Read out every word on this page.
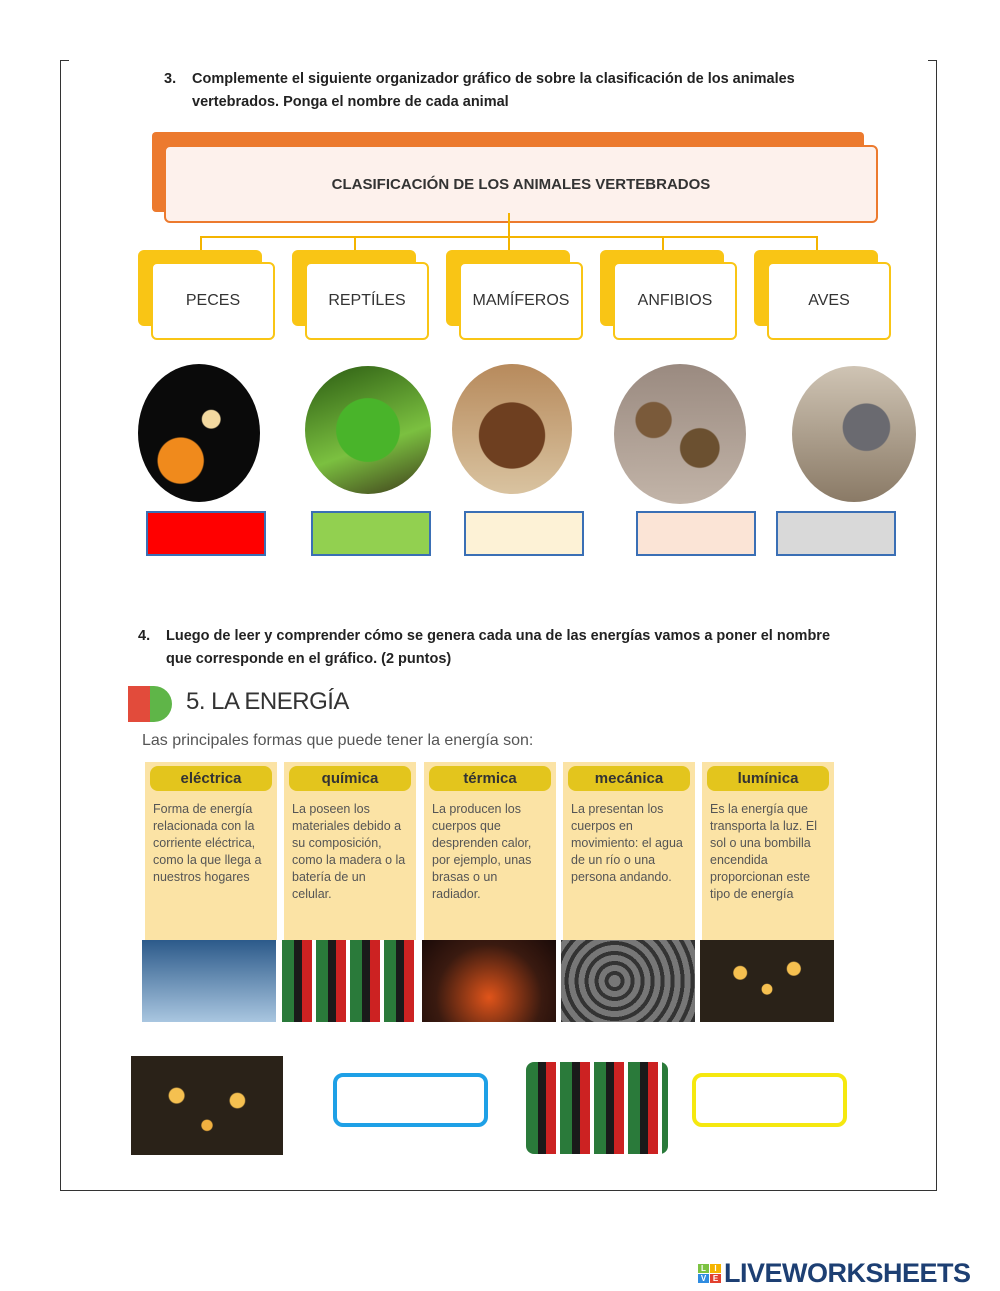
3. Complemente el siguiente organizador gráfico de sobre la clasificación de los animales vertebrados. Ponga el nombre de cada animal
CLASIFICACIÓN DE LOS ANIMALES VERTEBRADOS
PECES	REPTÍLES	MAMÍFEROS	ANFIBIOS	AVES
4. Luego de leer y comprender cómo se genera cada una de las energías vamos a poner el nombre que corresponde en el gráfico. (2 puntos)
5. LA ENERGÍA
Las principales formas que puede tener la energía son:
eléctrica
Forma de energía relacionada con la corriente eléctrica, como la que llega a nuestros hogares
química
La poseen los materiales debido a su composición, como la madera o la batería de un celular.
térmica
La producen los cuerpos que desprenden calor, por ejemplo, unas brasas o un radiador.
mecánica
La presentan los cuerpos en movimiento: el agua de un río o una persona andando.
lumínica
Es la energía que transporta la luz. El sol o una bombilla encendida proporcionan este tipo de energía
L	I
V E LIVEWORKSHEETS
